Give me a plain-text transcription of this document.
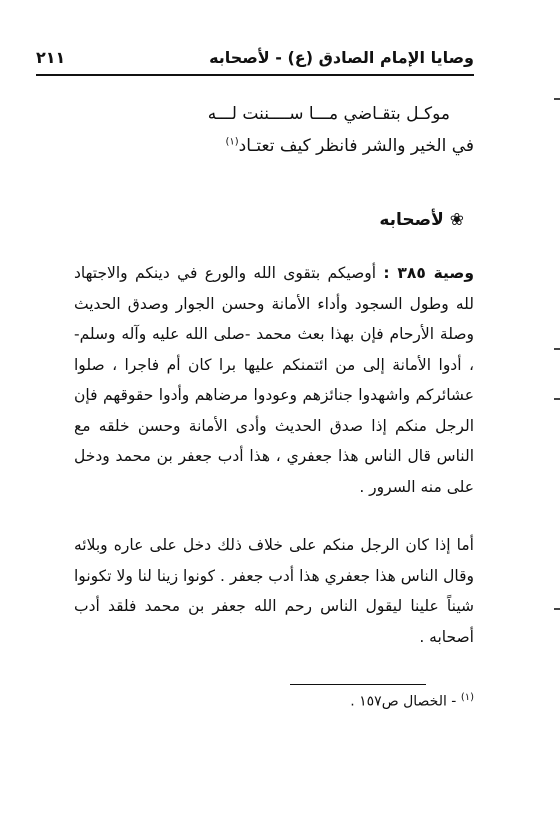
وصايا الإمام الصادق (ع) - لأصحابه
٢١١
موكـل بتقـاضي مـــا ســــننت لـــه
في الخير والشر فانظر كيف تعتـاد$^{(١)}$
❀لأصحابه
وصية ٣٨٥ : أوصيكم بتقوى الله والورع في دينكم والاجتهاد لله وطول السجود وأداء الأمانة وحسن الجوار وصدق الحديث وصلة الأرحام فإن بهذا بعث محمد -صلى الله عليه وآله وسلم- ، أدوا الأمانة إلى من ائتمنكم عليها برا كان أم فاجرا ، صلوا عشائركم واشهدوا جنائزهم وعودوا مرضاهم وأدوا حقوقهم فإن الرجل منكم إذا صدق الحديث وأدى الأمانة وحسن خلقه مع الناس قال الناس هذا جعفري ، هذا أدب جعفر بن محمد ودخل على منه السرور .
أما إذا كان الرجل منكم على خلاف ذلك دخل على عاره وبلائه وقال الناس هذا جعفري هذا أدب جعفر . كونوا زينا لنا ولا تكونوا شيناً علينا ليقول الناس رحم الله جعفر بن محمد فلقد أدب أصحابه .
$^{(١)}$ - الخصال ص١٥٧ .
